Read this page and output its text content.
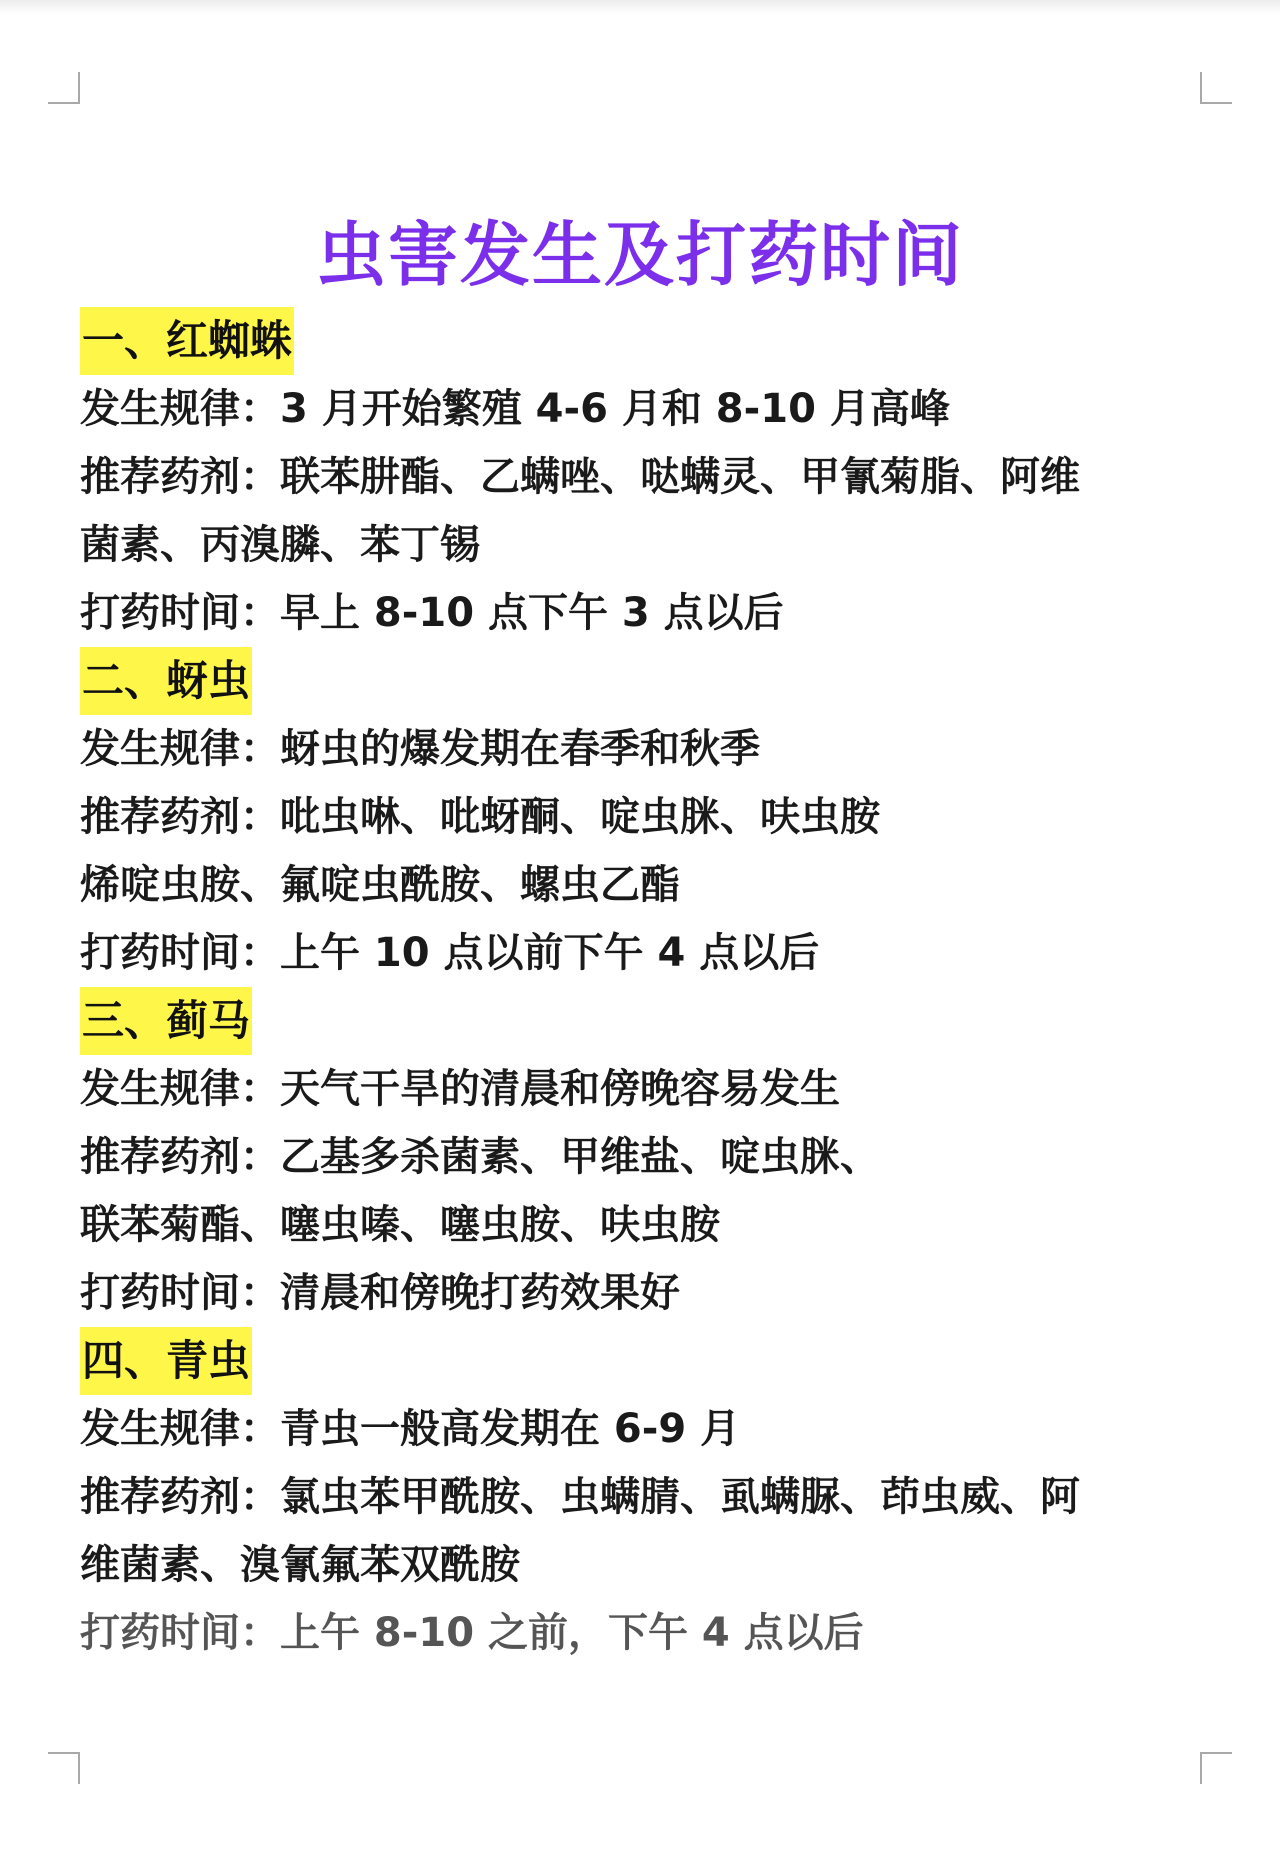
虫害发生及打药时间
一、红蜘蛛
发生规律：3 月开始繁殖 4-6 月和 8-10 月高峰
推荐药剂：联苯肼酯、乙螨唑、哒螨灵、甲氰菊脂、阿维
菌素、丙溴膦、苯丁锡
打药时间：早上 8-10 点下午 3 点以后
二、蚜虫
发生规律：蚜虫的爆发期在春季和秋季
推荐药剂：吡虫啉、吡蚜酮、啶虫脒、呋虫胺
烯啶虫胺、氟啶虫酰胺、螺虫乙酯
打药时间：上午 10 点以前下午 4 点以后
三、蓟马
发生规律：天气干旱的清晨和傍晚容易发生
推荐药剂：乙基多杀菌素、甲维盐、啶虫脒、
联苯菊酯、噻虫嗪、噻虫胺、呋虫胺
打药时间：清晨和傍晚打药效果好
四、青虫
发生规律：青虫一般高发期在 6-9 月
推荐药剂：氯虫苯甲酰胺、虫螨腈、虱螨脲、茚虫威、阿
维菌素、溴氰氟苯双酰胺
打药时间：上午 8-10 之前，下午 4 点以后
